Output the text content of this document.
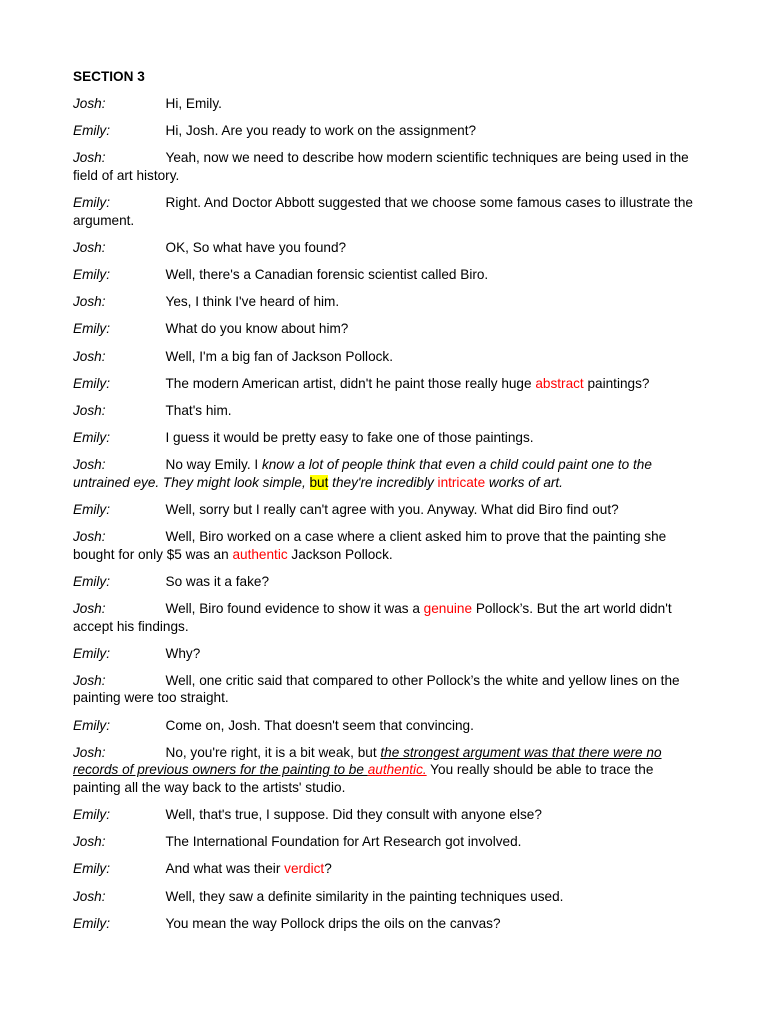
SECTION 3
Josh:	Hi, Emily.
Emily:	Hi, Josh. Are you ready to work on the assignment?
Josh:	Yeah, now we need to describe how modern scientific techniques are being used in the field of art history.
Emily:	Right. And Doctor Abbott suggested that we choose some famous cases to illustrate the argument.
Josh:	OK, So what have you found?
Emily:	Well, there's a Canadian forensic scientist called Biro.
Josh:	Yes, I think I've heard of him.
Emily:	What do you know about him?
Josh:	Well, I'm a big fan of Jackson Pollock.
Emily:	The modern American artist, didn't he paint those really huge abstract paintings?
Josh:	That's him.
Emily:	I guess it would be pretty easy to fake one of those paintings.
Josh:	No way Emily. I know a lot of people think that even a child could paint one to the untrained eye. They might look simple, but they're incredibly intricate works of art.
Emily:	Well, sorry but I really can't agree with you. Anyway. What did Biro find out?
Josh:	Well, Biro worked on a case where a client asked him to prove that the painting she bought for only $5 was an authentic Jackson Pollock.
Emily:	So was it a fake?
Josh:	Well, Biro found evidence to show it was a genuine Pollock’s. But the art world didn't accept his findings.
Emily:	Why?
Josh:	Well, one critic said that compared to other Pollock’s the white and yellow lines on the painting were too straight.
Emily:	Come on, Josh. That doesn't seem that convincing.
Josh:	No, you're right, it is a bit weak, but the strongest argument was that there were no records of previous owners for the painting to be authentic. You really should be able to trace the painting all the way back to the artists' studio.
Emily:	Well, that's true, I suppose. Did they consult with anyone else?
Josh:	The International Foundation for Art Research got involved.
Emily:	And what was their verdict?
Josh:	Well, they saw a definite similarity in the painting techniques used.
Emily:	You mean the way Pollock drips the oils on the canvas?
